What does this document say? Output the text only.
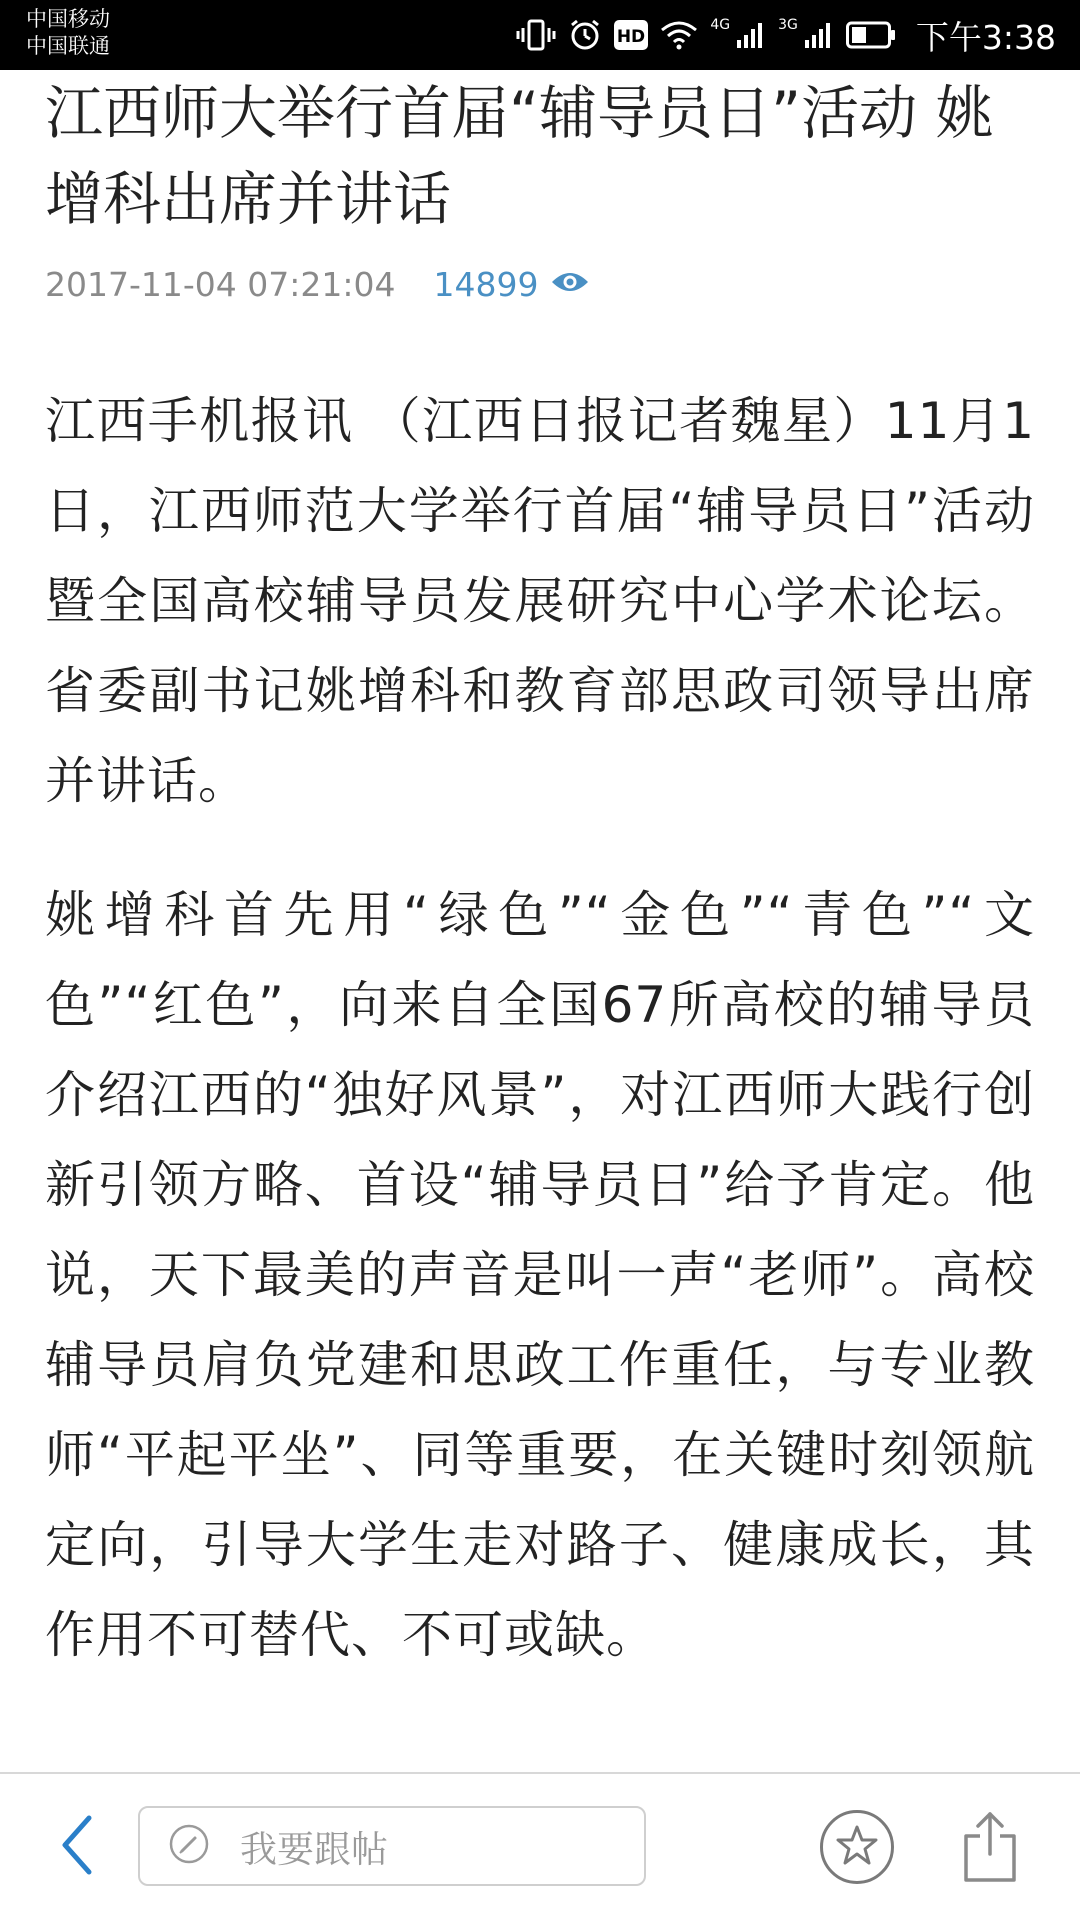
中国移动
中国联通	HD
4G	3G	下午3:38
江西师大举行首届“辅导员日”活动 姚增科出席并讲话
2017-11-04 07:21:04 14899

江西手机报讯 （江西日报记者魏星）11月1日，江西师范大学举行首届“辅导员日”活动暨全国高校辅导员发展研究中心学术论坛。省委副书记姚增科和教育部思政司领导出席并讲话。

姚增科首先用“绿色”“金色”“青色”“文色”“红色”，向来自全国67所高校的辅导员介绍江西的“独好风景”，对江西师大践行创新引领方略、首设“辅导员日”给予肯定。他说，天下最美的声音是叫一声“老师”。高校辅导员肩负党建和思政工作重任，与专业教师“平起平坐”、同等重要，在关键时刻领航定向，引导大学生走对路子、健康成长，其作用不可替代、不可或缺。

我要跟帖
